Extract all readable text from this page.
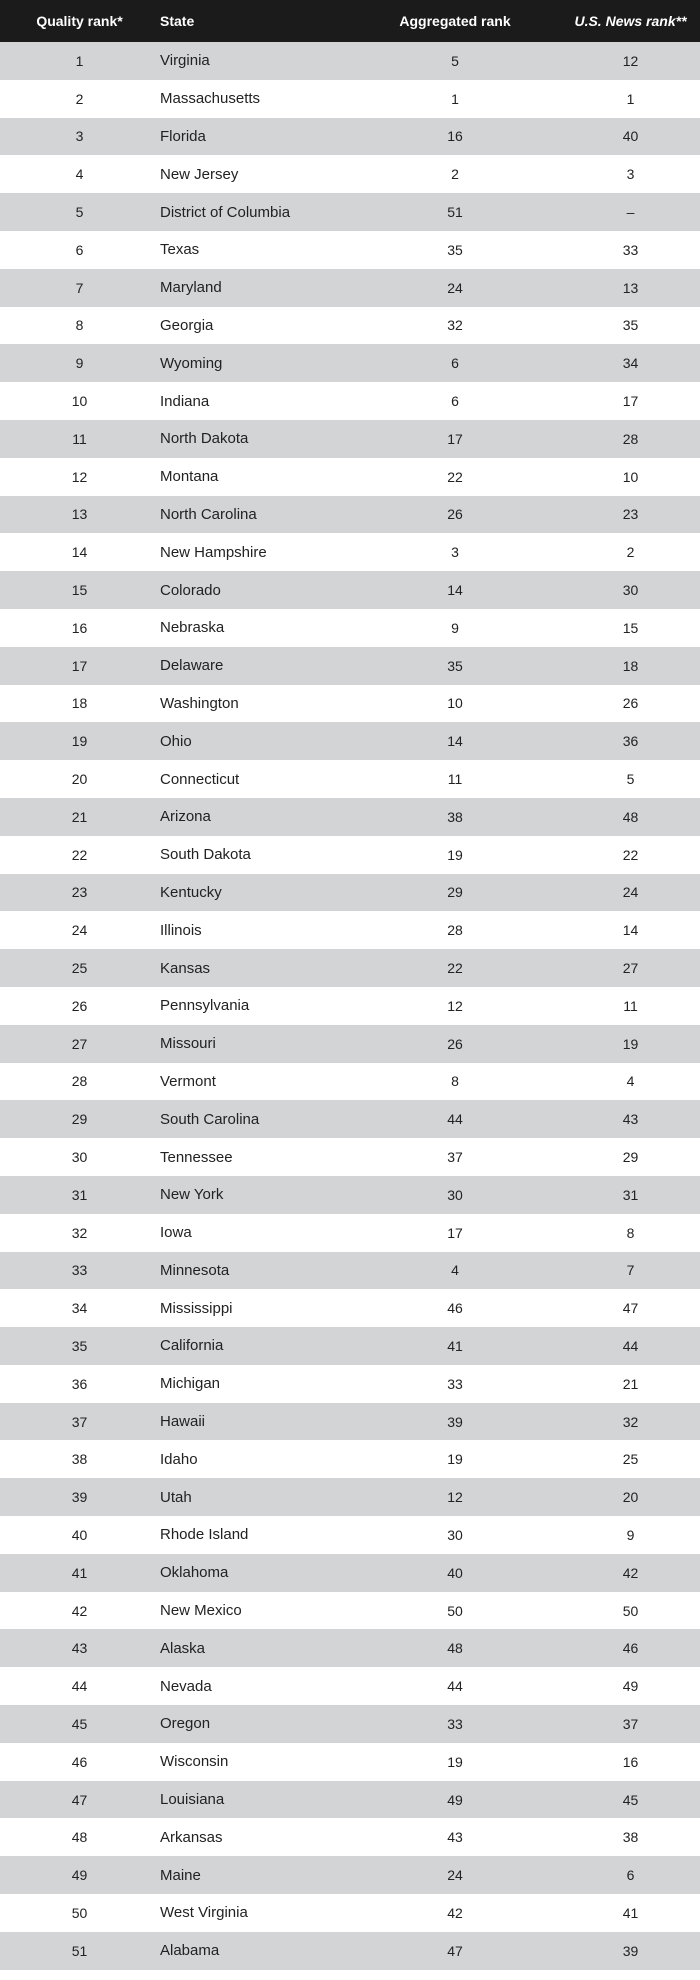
Quality rank*	State	Aggregated rank	U.S. News rank**
1	Virginia	5	12
2	Massachusetts	1	1
3	Florida	16	40
4	New Jersey	2	3
5	District of Columbia	51	–
6	Texas	35	33
7	Maryland	24	13
8	Georgia	32	35
9	Wyoming	6	34
10	Indiana	6	17
11	North Dakota	17	28
12	Montana	22	10
13	North Carolina	26	23
14	New Hampshire	3	2
15	Colorado	14	30
16	Nebraska	9	15
17	Delaware	35	18
18	Washington	10	26
19	Ohio	14	36
20	Connecticut	11	5
21	Arizona	38	48
22	South Dakota	19	22
23	Kentucky	29	24
24	Illinois	28	14
25	Kansas	22	27
26	Pennsylvania	12	11
27	Missouri	26	19
28	Vermont	8	4
29	South Carolina	44	43
30	Tennessee	37	29
31	New York	30	31
32	Iowa	17	8
33	Minnesota	4	7
34	Mississippi	46	47
35	California	41	44
36	Michigan	33	21
37	Hawaii	39	32
38	Idaho	19	25
39	Utah	12	20
40	Rhode Island	30	9
41	Oklahoma	40	42
42	New Mexico	50	50
43	Alaska	48	46
44	Nevada	44	49
45	Oregon	33	37
46	Wisconsin	19	16
47	Louisiana	49	45
48	Arkansas	43	38
49	Maine	24	6
50	West Virginia	42	41
51	Alabama	47	39
